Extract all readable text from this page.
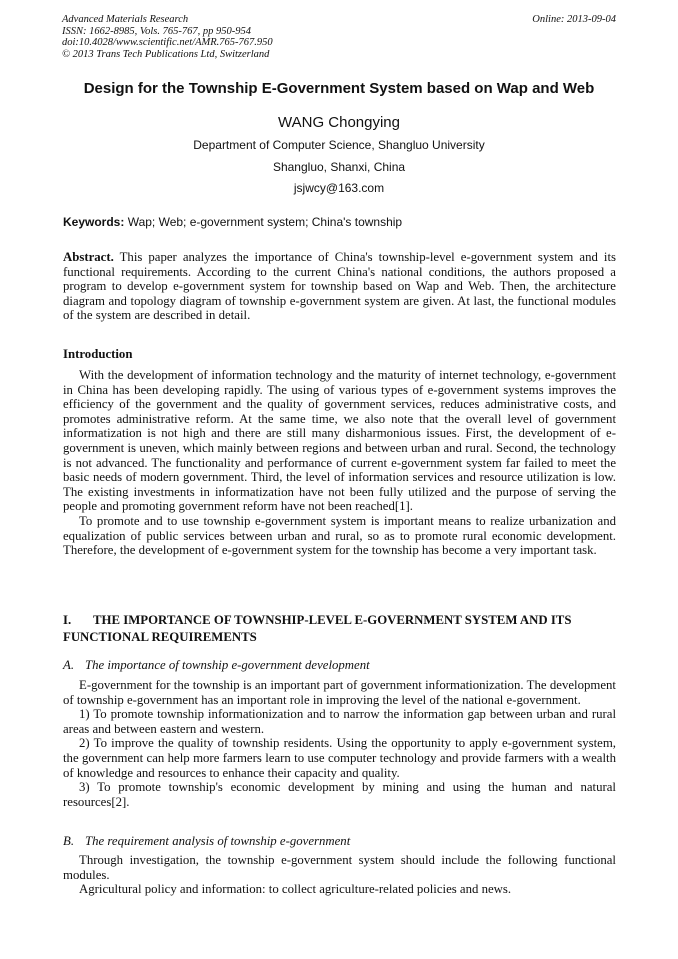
Advanced Materials Research
ISSN: 1662-8985, Vols. 765-767, pp 950-954
doi:10.4028/www.scientific.net/AMR.765-767.950
© 2013 Trans Tech Publications Ltd, Switzerland
Online: 2013-09-04
Design for the Township E-Government System based on Wap and Web
WANG Chongying
Department of Computer Science, Shangluo University
Shangluo, Shanxi, China
jsjwcy@163.com
Keywords: Wap; Web; e-government system; China's township

Abstract. This paper analyzes the importance of China's township-level e-government system and its functional requirements. According to the current China's national conditions, the authors proposed a program to develop e-government system for township based on Wap and Web. Then, the architecture diagram and topology diagram of township e-government system are given. At last, the functional modules of the system are described in detail.

Introduction

With the development of information technology and the maturity of internet technology, e-government in China has been developing rapidly. The using of various types of e-government systems improves the efficiency of the government and the quality of government services, reduces administrative costs, and promotes administrative reform. At the same time, we also note that the overall level of government informatization is not high and there are still many disharmonious issues. First, the development of e-government is uneven, which mainly between regions and between urban and rural. Second, the technology is not advanced. The functionality and performance of current e-government system far failed to meet the basic needs of modern government. Third, the level of information services and resource utilization is low. The existing investments in informatization have not been fully utilized and the purpose of serving the people and promoting government reform have not been reached[1].

To promote and to use township e-government system is important means to realize urbanization and equalization of public services between urban and rural, so as to promote rural economic development. Therefore, the development of e-government system for the township has become a very important task.

I. THE IMPORTANCE OF TOWNSHIP-LEVEL E-GOVERNMENT SYSTEM AND ITS FUNCTIONAL REQUIREMENTS
A. The importance of township e-government development

E-government for the township is an important part of government informationization. The development of township e-government has an important role in improving the level of the national e-government.

1) To promote township informationization and to narrow the information gap between urban and rural areas and between eastern and western.

2) To improve the quality of township residents. Using the opportunity to apply e-government system, the government can help more farmers learn to use computer technology and provide farmers with a wealth of knowledge and resources to enhance their capacity and quality.

3) To promote township's economic development by mining and using the human and natural resources[2].

B. The requirement analysis of township e-government

Through investigation, the township e-government system should include the following functional modules.

Agricultural policy and information: to collect agriculture-related policies and news.
